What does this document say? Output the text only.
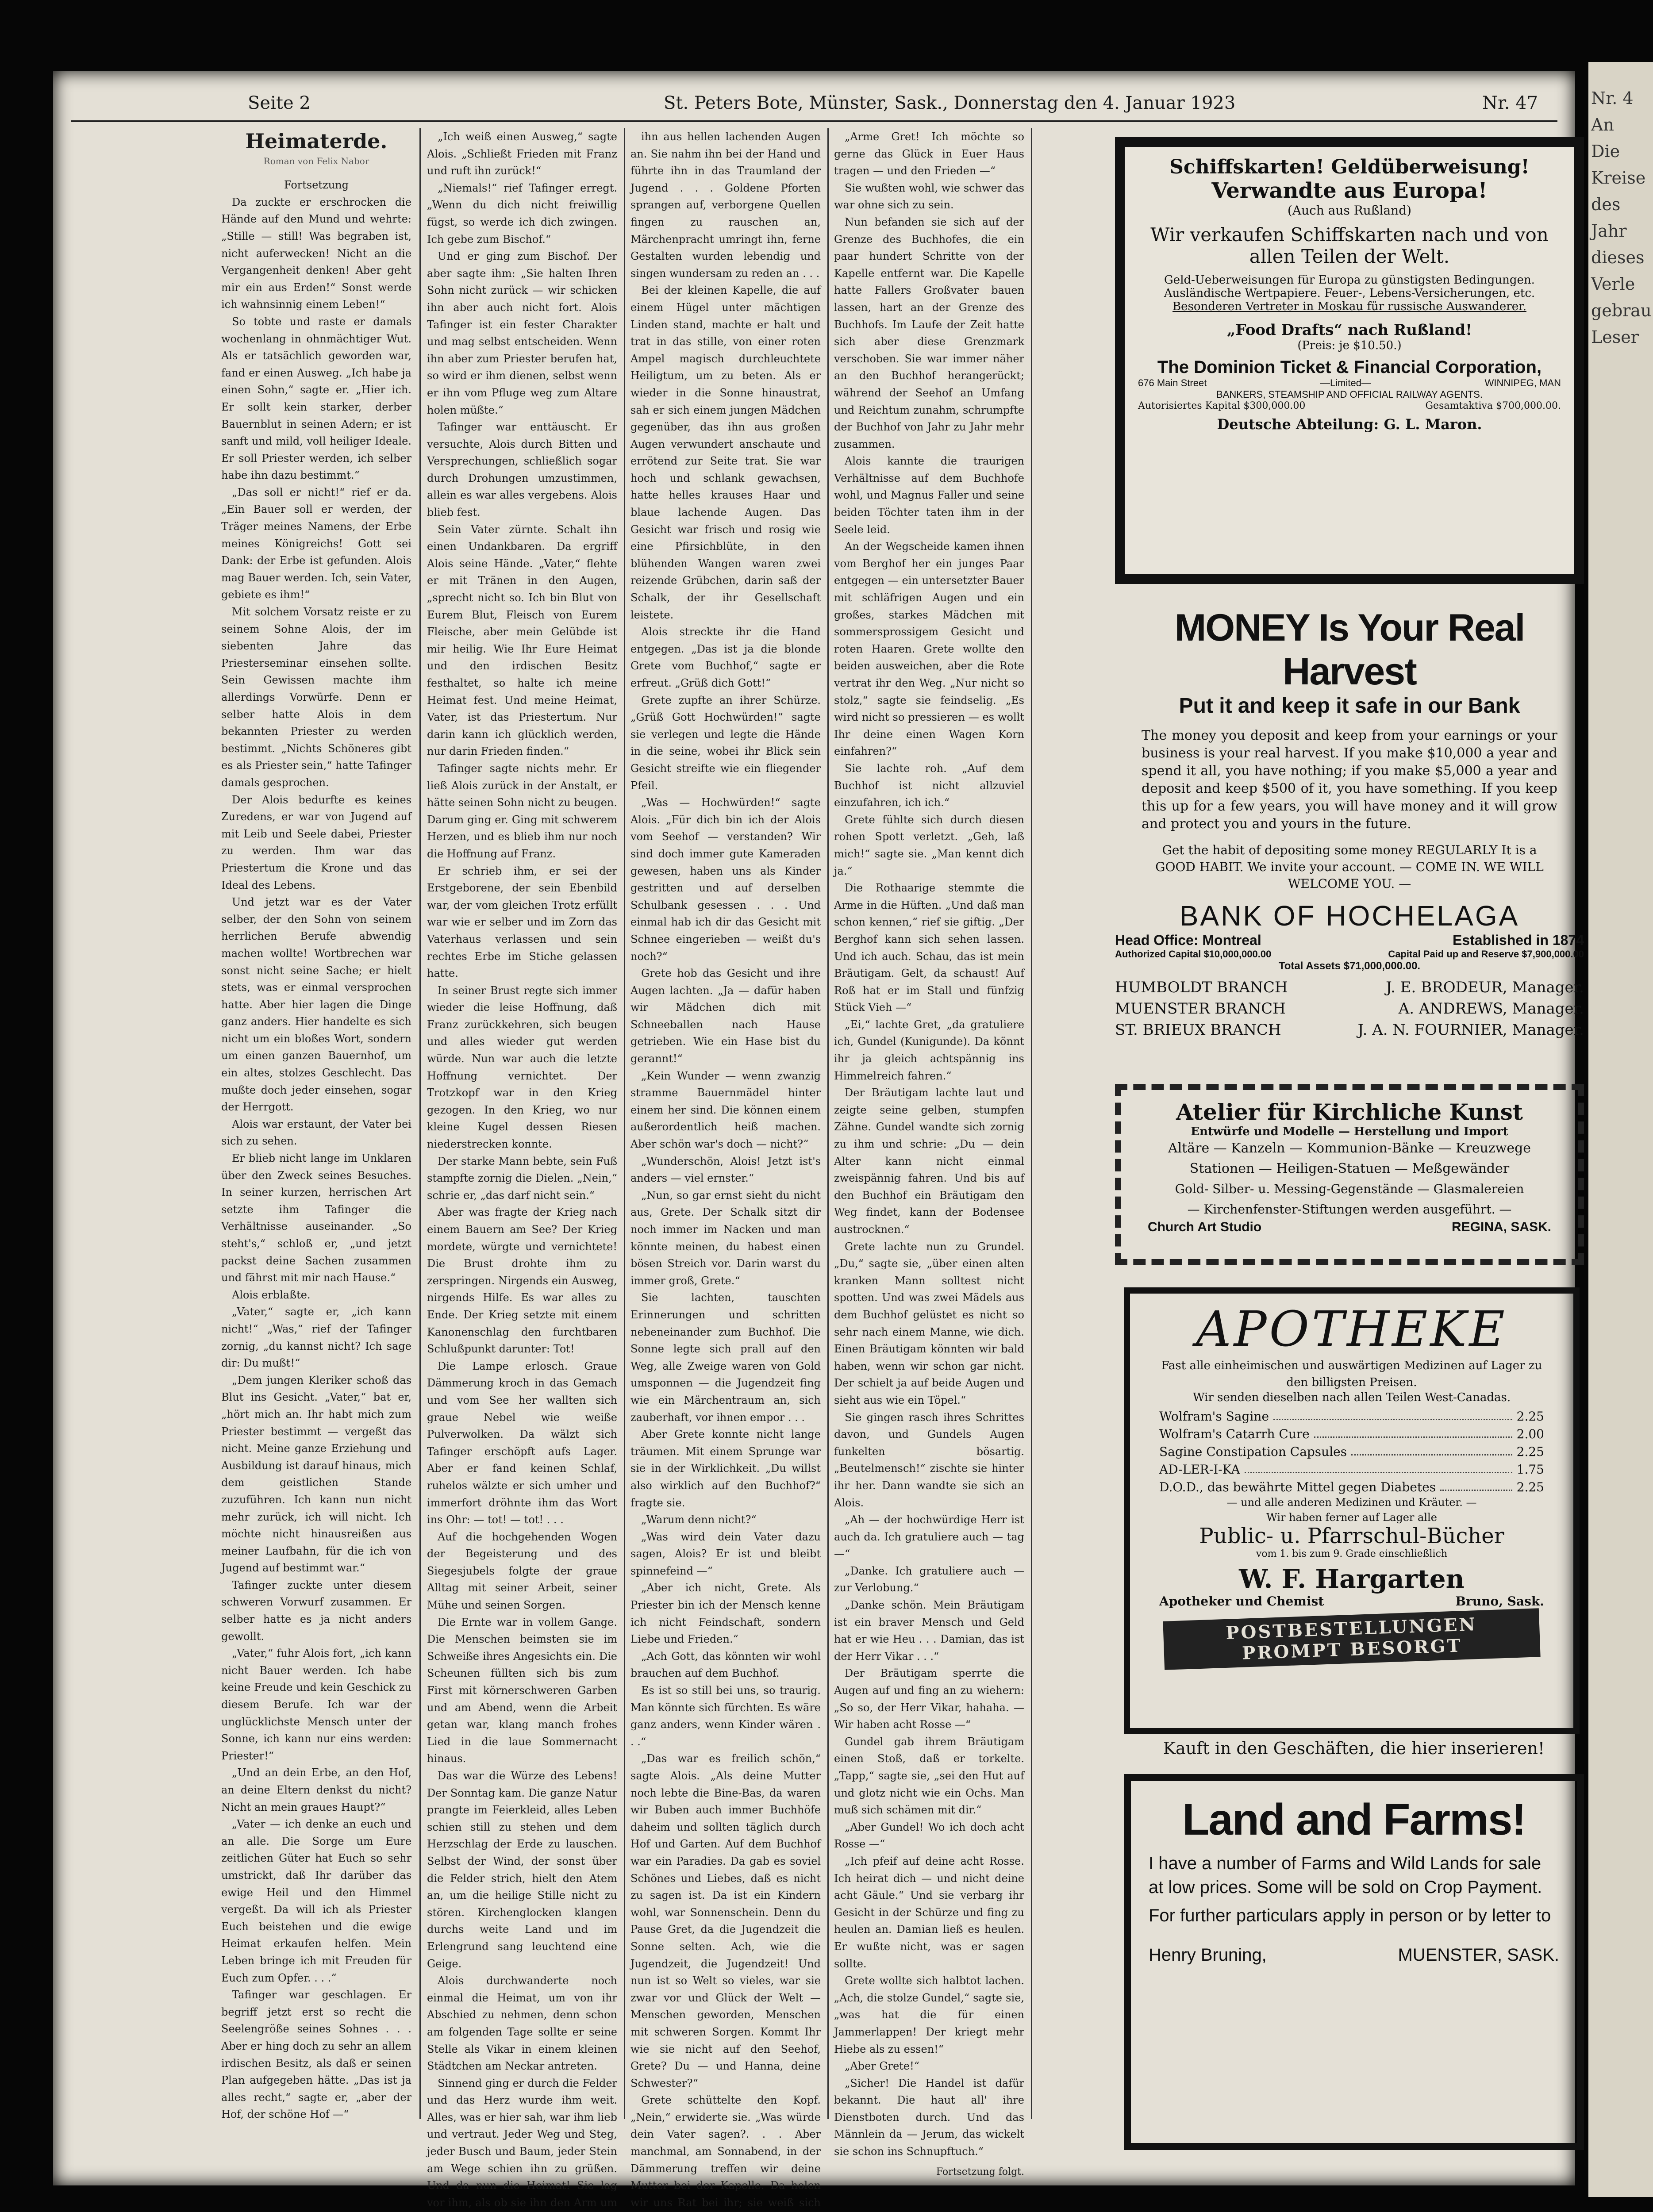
Seite 2	St. Peters Bote, Münster, Sask., Donnerstag den 4. Januar 1923	Nr. 47
Heimaterde.
Roman von Felix Nabor
Fortsetzung

Da zuckte er erschrocken die Hände auf den Mund und wehrte: „Stille — still! Was begraben ist, nicht auferwecken! Nicht an die Vergangenheit denken! Aber geht mir ein aus Erden!“ Sonst werde ich wahnsinnig einem Leben!“

So tobte und raste er damals wochenlang in ohnmächtiger Wut. Als er tatsächlich geworden war, fand er einen Ausweg. „Ich habe ja einen Sohn,“ sagte er. „Hier ich. Er sollt kein starker, derber Bauernblut in seinen Adern; er ist sanft und mild, voll heiliger Ideale. Er soll Priester werden, ich selber habe ihn dazu bestimmt.“

„Das soll er nicht!“ rief er da. „Ein Bauer soll er werden, der Träger meines Namens, der Erbe meines Königreichs! Gott sei Dank: der Erbe ist gefunden. Alois mag Bauer werden. Ich, sein Vater, gebiete es ihm!“

Mit solchem Vorsatz reiste er zu seinem Sohne Alois, der im siebenten Jahre das Priesterseminar einsehen sollte. Sein Gewissen machte ihm allerdings Vorwürfe. Denn er selber hatte Alois in dem bekannten Priester zu werden bestimmt. „Nichts Schöneres gibt es als Priester sein,“ hatte Tafinger damals gesprochen.

Der Alois bedurfte es keines Zuredens, er war von Jugend auf mit Leib und Seele dabei, Priester zu werden. Ihm war das Priestertum die Krone und das Ideal des Lebens.

Und jetzt war es der Vater selber, der den Sohn von seinem herrlichen Berufe abwendig machen wollte! Wortbrechen war sonst nicht seine Sache; er hielt stets, was er einmal versprochen hatte. Aber hier lagen die Dinge ganz anders. Hier handelte es sich nicht um ein bloßes Wort, sondern um einen ganzen Bauernhof, um ein altes, stolzes Geschlecht. Das mußte doch jeder einsehen, sogar der Herrgott.

Alois war erstaunt, der Vater bei sich zu sehen.

Er blieb nicht lange im Unklaren über den Zweck seines Besuches. In seiner kurzen, herrischen Art setzte ihm Tafinger die Verhältnisse auseinander. „So steht's,“ schloß er, „und jetzt packst deine Sachen zusammen und fährst mit mir nach Hause.“

Alois erblaßte.

„Vater,“ sagte er, „ich kann nicht!“ „Was,“ rief der Tafinger zornig, „du kannst nicht? Ich sage dir: Du mußt!“

„Dem jungen Kleriker schoß das Blut ins Gesicht. „Vater,“ bat er, „hört mich an. Ihr habt mich zum Priester bestimmt — vergeßt das nicht. Meine ganze Erziehung und Ausbildung ist darauf hinaus, mich dem geistlichen Stande zuzuführen. Ich kann nun nicht mehr zurück, ich will nicht. Ich möchte nicht hinausreißen aus meiner Laufbahn, für die ich von Jugend auf bestimmt war.“

Tafinger zuckte unter diesem schweren Vorwurf zusammen. Er selber hatte es ja nicht anders gewollt.

„Vater,“ fuhr Alois fort, „ich kann nicht Bauer werden. Ich habe keine Freude und kein Geschick zu diesem Berufe. Ich war der unglücklichste Mensch unter der Sonne, ich kann nur eins werden: Priester!“

„Und an dein Erbe, an den Hof, an deine Eltern denkst du nicht? Nicht an mein graues Haupt?“

„Vater — ich denke an euch und an alle. Die Sorge um Eure zeitlichen Güter hat Euch so sehr umstrickt, daß Ihr darüber das ewige Heil und den Himmel vergeßt. Da will ich als Priester Euch beistehen und die ewige Heimat erkaufen helfen. Mein Leben bringe ich mit Freuden für Euch zum Opfer. . . .“

Tafinger war geschlagen. Er begriff jetzt erst so recht die Seelengröße seines Sohnes . . . Aber er hing doch zu sehr an allem irdischen Besitz, als daß er seinen Plan aufgegeben hätte. „Das ist ja alles recht,“ sagte er, „aber der Hof, der schöne Hof —“

„Ich weiß einen Ausweg,“ sagte Alois. „Schließt Frieden mit Franz und ruft ihn zurück!“

„Niemals!“ rief Tafinger erregt. „Wenn du dich nicht freiwillig fügst, so werde ich dich zwingen. Ich gebe zum Bischof.“

Und er ging zum Bischof. Der aber sagte ihm: „Sie halten Ihren Sohn nicht zurück — wir schicken ihn aber auch nicht fort. Alois Tafinger ist ein fester Charakter und mag selbst entscheiden. Wenn ihn aber zum Priester berufen hat, so wird er ihm dienen, selbst wenn er ihn vom Pfluge weg zum Altare holen müßte.“

Tafinger war enttäuscht. Er versuchte, Alois durch Bitten und Versprechungen, schließlich sogar durch Drohungen umzustimmen, allein es war alles vergebens. Alois blieb fest.

Sein Vater zürnte. Schalt ihn einen Undankbaren. Da ergriff Alois seine Hände. „Vater,“ flehte er mit Tränen in den Augen, „sprecht nicht so. Ich bin Blut von Eurem Blut, Fleisch von Eurem Fleische, aber mein Gelübde ist mir heilig. Wie Ihr Eure Heimat und den irdischen Besitz festhaltet, so halte ich meine Heimat fest. Und meine Heimat, Vater, ist das Priestertum. Nur darin kann ich glücklich werden, nur darin Frieden finden.“

Tafinger sagte nichts mehr. Er ließ Alois zurück in der Anstalt, er hätte seinen Sohn nicht zu beugen. Darum ging er. Ging mit schwerem Herzen, und es blieb ihm nur noch die Hoffnung auf Franz.

Er schrieb ihm, er sei der Erstgeborene, der sein Ebenbild war, der vom gleichen Trotz erfüllt war wie er selber und im Zorn das Vaterhaus verlassen und sein rechtes Erbe im Stiche gelassen hatte.

In seiner Brust regte sich immer wieder die leise Hoffnung, daß Franz zurückkehren, sich beugen und alles wieder gut werden würde. Nun war auch die letzte Hoffnung vernichtet. Der Trotzkopf war in den Krieg gezogen. In den Krieg, wo nur kleine Kugel dessen Riesen niederstrecken konnte.

Der starke Mann bebte, sein Fuß stampfte zornig die Dielen. „Nein,“ schrie er, „das darf nicht sein.“

Aber was fragte der Krieg nach einem Bauern am See? Der Krieg mordete, würgte und vernichtete! Die Brust drohte ihm zu zerspringen. Nirgends ein Ausweg, nirgends Hilfe. Es war alles zu Ende. Der Krieg setzte mit einem Kanonenschlag den furchtbaren Schlußpunkt darunter: Tot!

Die Lampe erlosch. Graue Dämmerung kroch in das Gemach und vom See her wallten sich graue Nebel wie weiße Pulverwolken. Da wälzt sich Tafinger erschöpft aufs Lager. Aber er fand keinen Schlaf, ruhelos wälzte er sich umher und immerfort dröhnte ihm das Wort ins Ohr: — tot! — tot! . . .

Auf die hochgehenden Wogen der Begeisterung und des Siegesjubels folgte der graue Alltag mit seiner Arbeit, seiner Mühe und seinen Sorgen.

Die Ernte war in vollem Gange. Die Menschen beimsten sie im Schweiße ihres Angesichts ein. Die Scheunen füllten sich bis zum First mit körnerschweren Garben und am Abend, wenn die Arbeit getan war, klang manch frohes Lied in die laue Sommernacht hinaus.

Das war die Würze des Lebens! Der Sonntag kam. Die ganze Natur prangte im Feierkleid, alles Leben schien still zu stehen und dem Herzschlag der Erde zu lauschen. Selbst der Wind, der sonst über die Felder strich, hielt den Atem an, um die heilige Stille nicht zu stören. Kirchenglocken klangen durchs weite Land und im Erlengrund sang leuchtend eine Geige.

Alois durchwanderte noch einmal die Heimat, um von ihr Abschied zu nehmen, denn schon am folgenden Tage sollte er seine Stelle als Vikar in einem kleinen Städtchen am Neckar antreten.

Sinnend ging er durch die Felder und das Herz wurde ihm weit. Alles, was er hier sah, war ihm lieb und vertraut. Jeder Weg und Steg, jeder Busch und Baum, jeder Stein am Wege schien ihn zu grüßen. Und da nun die Heimat! Sie lag vor ihm, als ob sie ihn den Arm um

ihn aus hellen lachenden Augen an. Sie nahm ihn bei der Hand und führte ihn in das Traumland der Jugend . . . Goldene Pforten sprangen auf, verborgene Quellen fingen zu rauschen an, Märchenpracht umringt ihn, ferne Gestalten wurden lebendig und singen wundersam zu reden an . . .

Bei der kleinen Kapelle, die auf einem Hügel unter mächtigen Linden stand, machte er halt und trat in das stille, von einer roten Ampel magisch durchleuchtete Heiligtum, um zu beten. Als er wieder in die Sonne hinaustrat, sah er sich einem jungen Mädchen gegenüber, das ihn aus großen Augen verwundert anschaute und errötend zur Seite trat. Sie war hoch und schlank gewachsen, hatte helles krauses Haar und blaue lachende Augen. Das Gesicht war frisch und rosig wie eine Pfirsichblüte, in den blühenden Wangen waren zwei reizende Grübchen, darin saß der Schalk, der ihr Gesellschaft leistete.

Alois streckte ihr die Hand entgegen. „Das ist ja die blonde Grete vom Buchhof,“ sagte er erfreut. „Grüß dich Gott!“

Grete zupfte an ihrer Schürze. „Grüß Gott Hochwürden!“ sagte sie verlegen und legte die Hände in die seine, wobei ihr Blick sein Gesicht streifte wie ein fliegender Pfeil.

„Was — Hochwürden!“ sagte Alois. „Für dich bin ich der Alois vom Seehof — verstanden? Wir sind doch immer gute Kameraden gewesen, haben uns als Kinder gestritten und auf derselben Schulbank gesessen . . . Und einmal hab ich dir das Gesicht mit Schnee eingerieben — weißt du's noch?“

Grete hob das Gesicht und ihre Augen lachten. „Ja — dafür haben wir Mädchen dich mit Schneeballen nach Hause getrieben. Wie ein Hase bist du gerannt!“

„Kein Wunder — wenn zwanzig stramme Bauernmädel hinter einem her sind. Die können einem außerordentlich heiß machen. Aber schön war's doch — nicht?“

„Wunderschön, Alois! Jetzt ist's anders — viel ernster.“

„Nun, so gar ernst sieht du nicht aus, Grete. Der Schalk sitzt dir noch immer im Nacken und man könnte meinen, du habest einen bösen Streich vor. Darin warst du immer groß, Grete.“

Sie lachten, tauschten Erinnerungen und schritten nebeneinander zum Buchhof. Die Sonne legte sich prall auf den Weg, alle Zweige waren von Gold umsponnen — die Jugendzeit fing wie ein Märchentraum an, sich zauberhaft, vor ihnen empor . . .

Aber Grete konnte nicht lange träumen. Mit einem Sprunge war sie in der Wirklichkeit. „Du willst also wirklich auf den Buchhof?“ fragte sie.

„Warum denn nicht?“

„Was wird dein Vater dazu sagen, Alois? Er ist und bleibt spinnefeind —“

„Aber ich nicht, Grete. Als Priester bin ich der Mensch kenne ich nicht Feindschaft, sondern Liebe und Frieden.“

„Ach Gott, das könnten wir wohl brauchen auf dem Buchhof.

Es ist so still bei uns, so traurig. Man könnte sich fürchten. Es wäre ganz anders, wenn Kinder wären . . .“

„Das war es freilich schön,“ sagte Alois. „Als deine Mutter noch lebte die Bine-Bas, da waren wir Buben auch immer Buchhöfe daheim und sollten täglich durch Hof und Garten. Auf dem Buchhof war ein Paradies. Da gab es soviel Schönes und Liebes, daß es nicht zu sagen ist. Da ist ein Kindern wohl, war Sonnenschein. Denn du Pause Gret, da die Jugendzeit die Sonne selten. Ach, wie die Jugendzeit, die Jugendzeit! Und nun ist so Welt so vieles, war sie zwar vor und Glück der Welt — Menschen geworden, Menschen mit schweren Sorgen. Kommt Ihr wie sie nicht auf den Seehof, Grete? Du — und Hanna, deine Schwester?“

Grete schüttelte den Kopf. „Nein,“ erwiderte sie. „Was würde dein Vater sagen?. . . Aber manchmal, am Sonnabend, in der Dämmerung treffen wir deine Mutter bei der Kapelle. Da holen wir uns Rat bei ihr; sie weiß sich

„Arme Gret! Ich möchte so gerne das Glück in Euer Haus tragen — und den Frieden —“

Sie wußten wohl, wie schwer das war ohne sich zu sein.

Nun befanden sie sich auf der Grenze des Buchhofes, die ein paar hundert Schritte von der Kapelle entfernt war. Die Kapelle hatte Fallers Großvater bauen lassen, hart an der Grenze des Buchhofs. Im Laufe der Zeit hatte sich aber diese Grenzmark verschoben. Sie war immer näher an den Buchhof herangerückt; während der Seehof an Umfang und Reichtum zunahm, schrumpfte der Buchhof von Jahr zu Jahr mehr zusammen.

Alois kannte die traurigen Verhältnisse auf dem Buchhofe wohl, und Magnus Faller und seine beiden Töchter taten ihm in der Seele leid.

An der Wegscheide kamen ihnen vom Berghof her ein junges Paar entgegen — ein untersetzter Bauer mit schläfrigen Augen und ein großes, starkes Mädchen mit sommersprossigem Gesicht und roten Haaren. Grete wollte den beiden ausweichen, aber die Rote vertrat ihr den Weg. „Nur nicht so stolz,“ sagte sie feindselig. „Es wird nicht so pressieren — es wollt Ihr deine einen Wagen Korn einfahren?“

Sie lachte roh. „Auf dem Buchhof ist nicht allzuviel einzufahren, ich ich.“

Grete fühlte sich durch diesen rohen Spott verletzt. „Geh, laß mich!“ sagte sie. „Man kennt dich ja.“

Die Rothaarige stemmte die Arme in die Hüften. „Und daß man schon kennen,“ rief sie giftig. „Der Berghof kann sich sehen lassen. Und ich auch. Schau, das ist mein Bräutigam. Gelt, da schaust! Auf Roß hat er im Stall und fünfzig Stück Vieh —“

„Ei,“ lachte Gret, „da gratuliere ich, Gundel (Kunigunde). Da könnt ihr ja gleich achtspännig ins Himmelreich fahren.“

Der Bräutigam lachte laut und zeigte seine gelben, stumpfen Zähne. Gundel wandte sich zornig zu ihm und schrie: „Du — dein Alter kann nicht einmal zweispännig fahren. Und bis auf den Buchhof ein Bräutigam den Weg findet, kann der Bodensee austrocknen.“

Grete lachte nun zu Grundel. „Du,“ sagte sie, „über einen alten kranken Mann solltest nicht spotten. Und was zwei Mädels aus dem Buchhof gelüstet es nicht so sehr nach einem Manne, wie dich. Einen Bräutigam könnten wir bald haben, wenn wir schon gar nicht. Der schielt ja auf beide Augen und sieht aus wie ein Töpel.“

Sie gingen rasch ihres Schrittes davon, und Gundels Augen funkelten bösartig. „Beutelmensch!“ zischte sie hinter ihr her. Dann wandte sie sich an Alois.

„Ah — der hochwürdige Herr ist auch da. Ich gratuliere auch — tag —“

„Danke. Ich gratuliere auch — zur Verlobung.“

„Danke schön. Mein Bräutigam ist ein braver Mensch und Geld hat er wie Heu . . . Damian, das ist der Herr Vikar . . .“

Der Bräutigam sperrte die Augen auf und fing an zu wiehern: „So so, der Herr Vikar, hahaha. — Wir haben acht Rosse —“

Gundel gab ihrem Bräutigam einen Stoß, daß er torkelte. „Tapp,“ sagte sie, „sei den Hut auf und glotz nicht wie ein Ochs. Man muß sich schämen mit dir.“

„Aber Gundel! Wo ich doch acht Rosse —“

„Ich pfeif auf deine acht Rosse. Ich heirat dich — und nicht deine acht Gäule.“ Und sie verbarg ihr Gesicht in der Schürze und fing zu heulen an. Damian ließ es heulen. Er wußte nicht, was er sagen sollte.

Grete wollte sich halbtot lachen. „Ach, die stolze Gundel,“ sagte sie, „was hat die für einen Jammerlappen! Der kriegt mehr Hiebe als zu essen!“

„Aber Grete!“

„Sicher! Die Handel ist dafür bekannt. Die haut all' ihre Dienstboten durch. Und das Männlein da — Jerum, das wickelt sie schon ins Schnupftuch.“

Fortsetzung folgt.
Schiffskarten! Geldüberweisung!
Verwandte aus Europa!
(Auch aus Rußland)
Wir verkaufen Schiffskarten nach und von allen Teilen der Welt.
Geld-Ueberweisungen für Europa zu günstigsten Bedingungen.
Ausländische Wertpapiere. Feuer-, Lebens-Versicherungen, etc.
Besonderen Vertreter in Moskau für russische Auswanderer.
„Food Drafts“ nach Rußland!
(Preis: je $10.50.)
The Dominion Ticket & Financial Corporation,
676 Main Street	—Limited—	WINNIPEG, MAN
BANKERS, STEAMSHIP AND OFFICIAL RAILWAY AGENTS.
Autorisiertes Kapital $300,000.00	Gesamtaktiva $700,000.00.
Deutsche Abteilung: G. L. Maron.
MONEY Is Your Real Harvest
Put it and keep it safe in our Bank
The money you deposit and keep from your earnings or your business is your real harvest. If you make $10,000 a year and spend it all, you have nothing; if you make $5,000 a year and deposit and keep $500 of it, you have something. If you keep this up for a few years, you will have money and it will grow and protect you and yours in the future.
Get the habit of depositing some money REGULARLY It is a GOOD HABIT. We invite your account. — COME IN. WE WILL WELCOME YOU. —
BANK OF HOCHELAGA
Head Office: Montreal	Established in 1874
Authorized Capital $10,000,000.00	Capital Paid up and Reserve $7,900,000.00
Total Assets $71,000,000.00.
HUMBOLDT BRANCH	J. E. BRODEUR, Manager.
MUENSTER BRANCH	A. ANDREWS, Manager.
ST. BRIEUX BRANCH	J. A. N. FOURNIER, Manager.
Atelier für Kirchliche Kunst
Entwürfe und Modelle — Herstellung und Import
Altäre — Kanzeln — Kommunion-Bänke — Kreuzwege
Stationen — Heiligen-Statuen — Meßgewänder
Gold- Silber- u. Messing-Gegenstände — Glasmalereien
— Kirchenfenster-Stiftungen werden ausgeführt. —
Church Art Studio	REGINA, SASK.
APOTHEKE
Fast alle einheimischen und auswärtigen Medizinen auf Lager zu den billigsten Preisen.
Wir senden dieselben nach allen Teilen West-Canadas.
Wolfram's Sagine	2.25
Wolfram's Catarrh Cure	2.00
Sagine Constipation Capsules	2.25
AD-LER-I-KA	1.75
D.O.D., das bewährte Mittel gegen Diabetes	2.25
— und alle anderen Medizinen und Kräuter. —
Wir haben ferner auf Lager alle
Public- u. Pfarrschul-Bücher
vom 1. bis zum 9. Grade einschließlich
W. F. Hargarten
Apotheker und Chemist	Bruno, Sask.
POSTBESTELLUNGEN
PROMPT BESORGT
Kauft in den Geschäften, die hier inserieren!
Land and Farms!
I have a number of Farms and Wild Lands for sale at low prices. Some will be sold on Crop Payment.
For further particulars apply in person or by letter to
Henry Bruning,	MUENSTER, SASK.
Nr. 4
An
Die
Kreise
des
Jahr
dieses
Verle
gebrau
Leser
